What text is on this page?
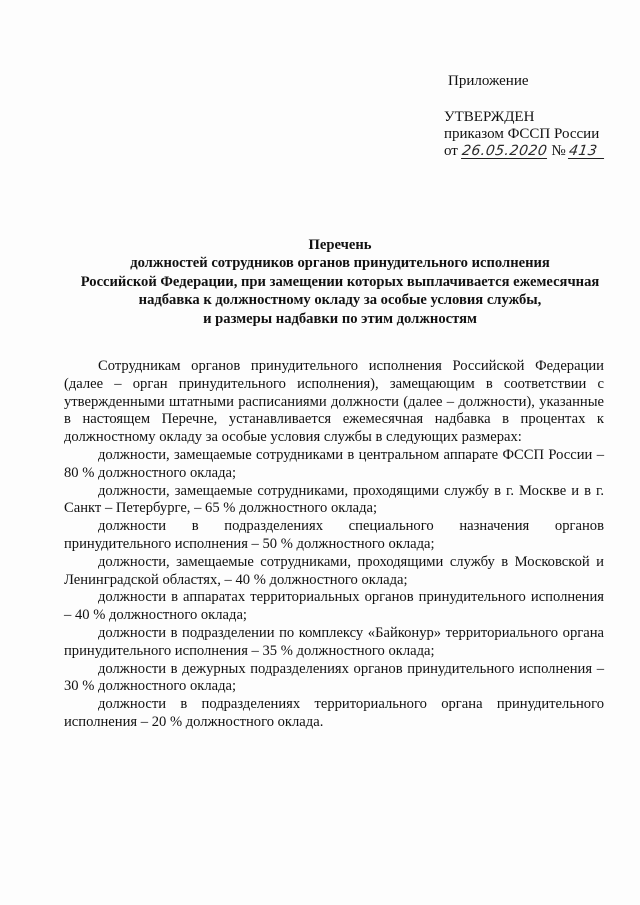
Приложение
УТВЕРЖДЕН
приказом ФССП России
от 26.05.2020 № 413
Перечень
должностей сотрудников органов принудительного исполнения
Российской Федерации, при замещении которых выплачивается ежемесячная
надбавка к должностному окладу за особые условия службы,
и размеры надбавки по этим должностям

Сотрудникам органов принудительного исполнения Российской Федерации (далее – орган принудительного исполнения), замещающим в соответствии с утвержденными штатными расписаниями должности (далее – должности), указанные в настоящем Перечне, устанавливается ежемесячная надбавка в процентах к должностному окладу за особые условия службы в следующих размерах:

должности, замещаемые сотрудниками в центральном аппарате ФССП России – 80 % должностного оклада;

должности, замещаемые сотрудниками, проходящими службу в г. Москве и в г. Санкт – Петербурге, – 65 % должностного оклада;

должности в подразделениях специального назначения органов принудительного исполнения – 50 % должностного оклада;

должности, замещаемые сотрудниками, проходящими службу в Московской и Ленинградской областях, – 40 % должностного оклада;

должности в аппаратах территориальных органов принудительного исполнения – 40 % должностного оклада;

должности в подразделении по комплексу «Байконур» территориального органа принудительного исполнения – 35 % должностного оклада;

должности в дежурных подразделениях органов принудительного исполнения – 30 % должностного оклада;

должности в подразделениях территориального органа принудительного исполнения – 20 % должностного оклада.
